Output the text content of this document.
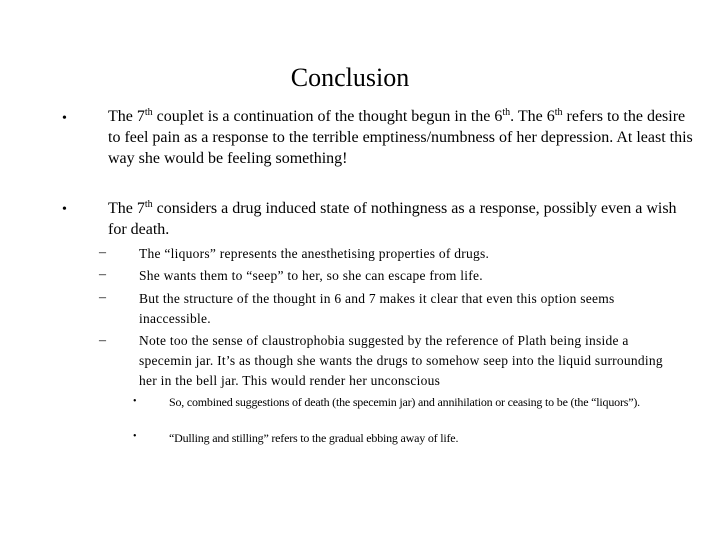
Conclusion
•	The 7th couplet is a continuation of the thought begun in the 6th. The 6th refers to the desire to feel pain as a response to the terrible emptiness/numbness of her depression. At least this way she would be feeling something!
•	The 7th considers a drug induced state of nothingness as a response, possibly even a wish for death.
– The “liquors” represents the anesthetising properties of drugs.
– She wants them to “seep” to her, so she can escape from life.
– But the structure of the thought in 6 and 7 makes it clear that even this option seems inaccessible.
– Note too the sense of claustrophobia suggested by the reference of Plath being inside a specemin jar. It’s as though she wants the drugs to somehow seep into the liquid surrounding her in the bell jar. This would render her unconscious
•	So, combined suggestions of death (the specemin jar) and annihilation or ceasing to be (the “liquors”).
•	“Dulling and stilling” refers to the gradual ebbing away of life.
